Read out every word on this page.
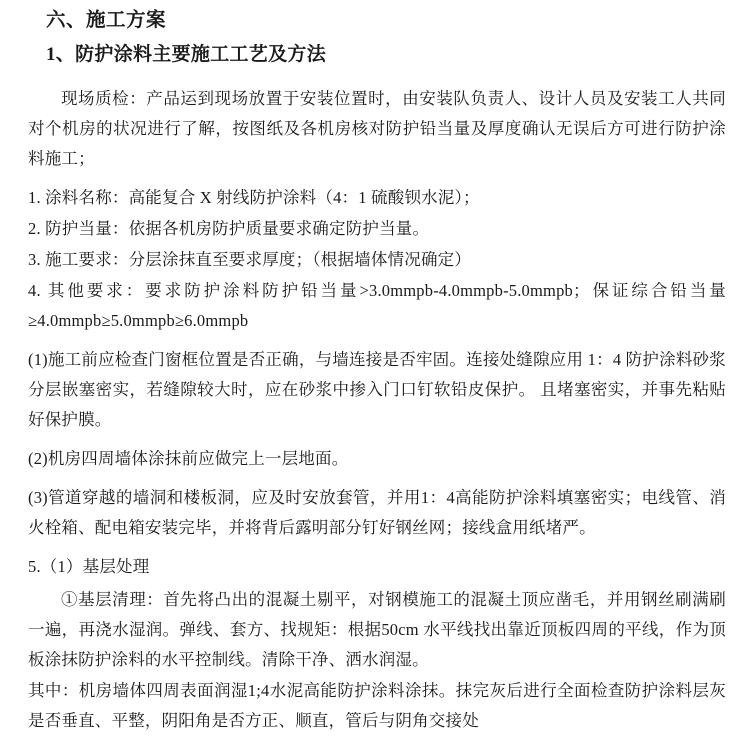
六、施工方案
1、防护涂料主要施工工艺及方法

现场质检：产品运到现场放置于安装位置时，由安装队负责人、设计人员及安装工人共同对个机房的状况进行了解，按图纸及各机房核对防护铅当量及厚度确认无误后方可进行防护涂料施工；

1. 涂料名称：高能复合 X 射线防护涂料（4：1 硫酸钡水泥）；

2. 防护当量：依据各机房防护质量要求确定防护当量。

3. 施工要求：分层涂抹直至要求厚度；（根据墙体情况确定）

4. 其他要求：要求防护涂料防护铅当量>3.0mmpb-4.0mmpb-5.0mmpb；保证综合铅当量≥4.0mmpb≥5.0mmpb≥6.0mmpb

(1)施工前应检查门窗框位置是否正确，与墙连接是否牢固。连接处缝隙应用 1：4 防护涂料砂浆分层嵌塞密实，若缝隙较大时，应在砂浆中掺入门口钉软铅皮保护。 且堵塞密实，并事先粘贴好保护膜。

(2)机房四周墙体涂抹前应做完上一层地面。

(3)管道穿越的墙洞和楼板洞，应及时安放套管，并用1：4高能防护涂料填塞密实；电线管、消火栓箱、配电箱安装完毕，并将背后露明部分钉好钢丝网；接线盒用纸堵严。

5.（1）基层处理

①基层清理：首先将凸出的混凝土剔平，对钢模施工的混凝土顶应凿毛，并用钢丝刷满刷一遍，再浇水湿润。弹线、套方、找规矩：根据50cm 水平线找出靠近顶板四周的平线，作为顶板涂抹防护涂料的水平控制线。清除干净、洒水润湿。

其中：机房墙体四周表面润湿1;4水泥高能防护涂料涂抹。抹完灰后进行全面检查防护涂料层灰是否垂直、平整，阴阳角是否方正、顺直，管后与阴角交接处
